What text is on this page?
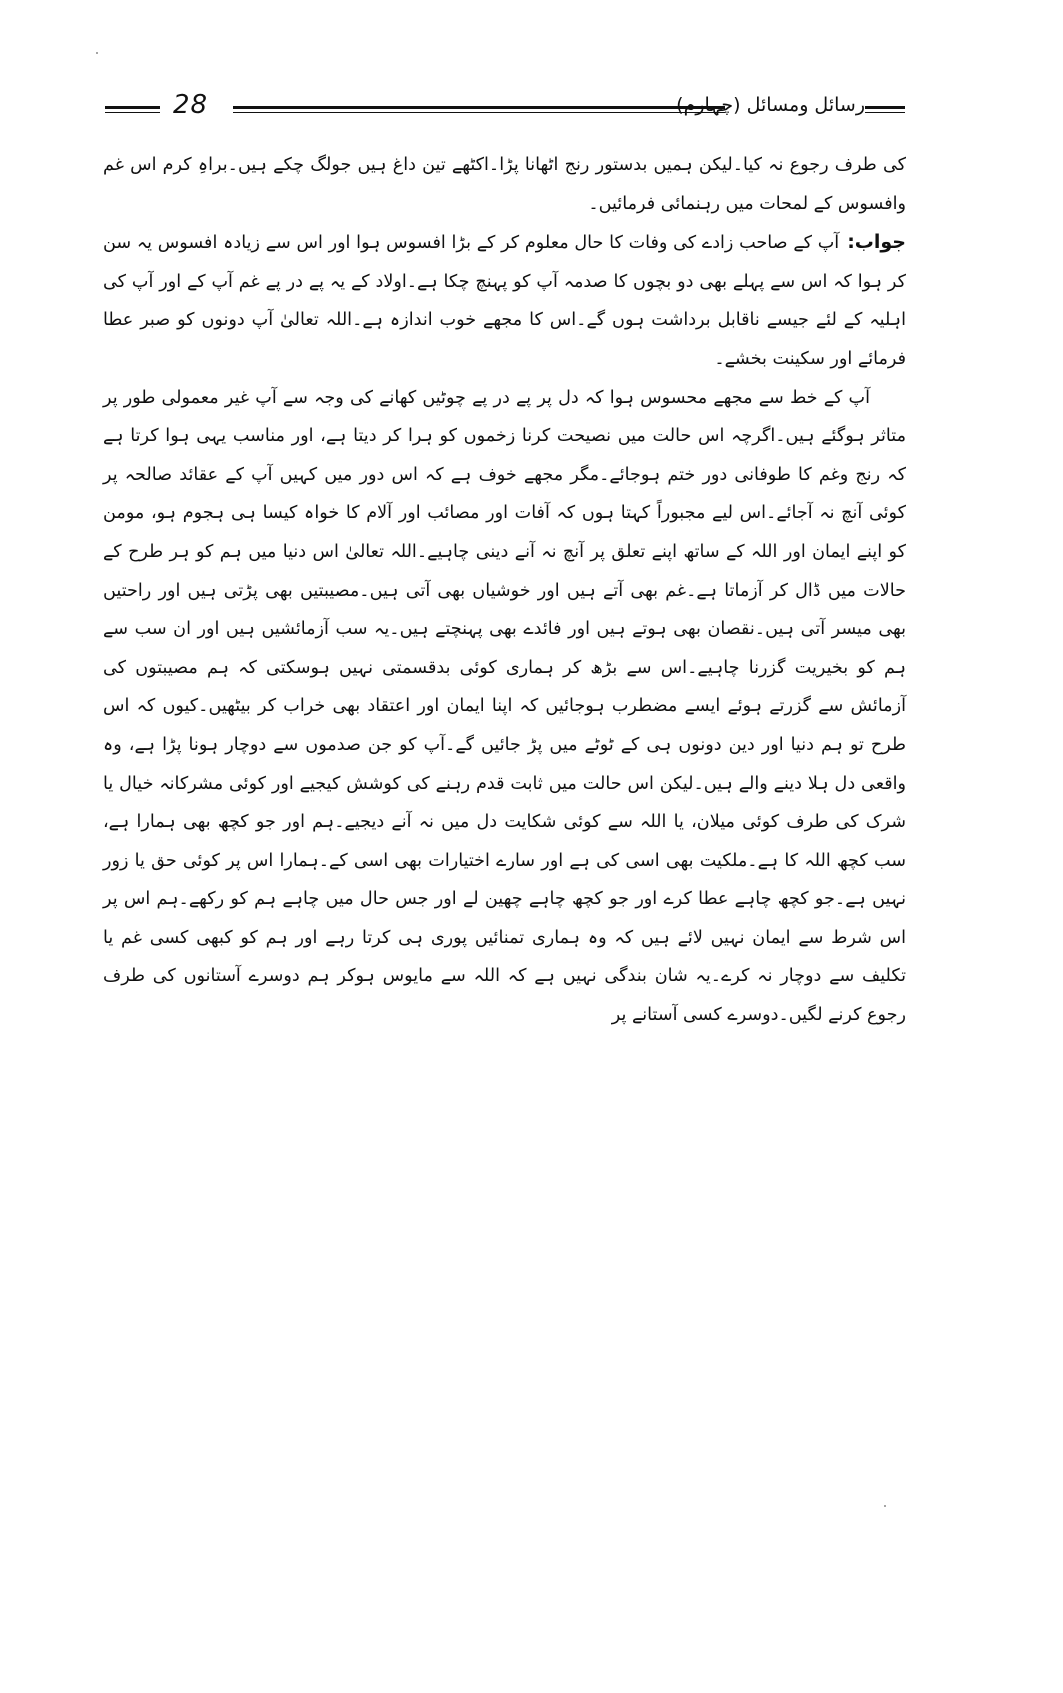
28	رسائل ومسائل (چہارم)

کی طرف رجوع نہ کیا۔لیکن ہمیں بدستور رنج اٹھانا پڑا۔اکٹھے تین داغ ہیں جولگ چکے ہیں۔براہِ کرم اس غم وافسوس کے لمحات میں رہنمائی فرمائیں۔

جواب:آپ کے صاحب زادے کی وفات کا حال معلوم کر کے بڑا افسوس ہوا اور اس سے زیادہ افسوس یہ سن کر ہوا کہ اس سے پہلے بھی دو بچوں کا صدمہ آپ کو پہنچ چکا ہے۔اولاد کے یہ پے در پے غم آپ کے اور آپ کی اہلیہ کے لئے جیسے ناقابل برداشت ہوں گے۔اس کا مجھے خوب اندازہ ہے۔اللہ تعالیٰ آپ دونوں کو صبر عطا فرمائے اور سکینت بخشے۔

آپ کے خط سے مجھے محسوس ہوا کہ دل پر پے در پے چوٹیں کھانے کی وجہ سے آپ غیر معمولی طور پر متاثر ہوگئے ہیں۔اگرچہ اس حالت میں نصیحت کرنا زخموں کو ہرا کر دیتا ہے، اور مناسب یہی ہوا کرتا ہے کہ رنج وغم کا طوفانی دور ختم ہوجائے۔مگر مجھے خوف ہے کہ اس دور میں کہیں آپ کے عقائد صالحہ پر کوئی آنچ نہ آجائے۔اس لیے مجبوراً کہتا ہوں کہ آفات اور مصائب اور آلام کا خواہ کیسا ہی ہجوم ہو، مومن کو اپنے ایمان اور اللہ کے ساتھ اپنے تعلق پر آنچ نہ آنے دینی چاہیے۔اللہ تعالیٰ اس دنیا میں ہم کو ہر طرح کے حالات میں ڈال کر آزماتا ہے۔غم بھی آتے ہیں اور خوشیاں بھی آتی ہیں۔مصیبتیں بھی پڑتی ہیں اور راحتیں بھی میسر آتی ہیں۔نقصان بھی ہوتے ہیں اور فائدے بھی پہنچتے ہیں۔یہ سب آزمائشیں ہیں اور ان سب سے ہم کو بخیریت گزرنا چاہیے۔اس سے بڑھ کر ہماری کوئی بدقسمتی نہیں ہوسکتی کہ ہم مصیبتوں کی آزمائش سے گزرتے ہوئے ایسے مضطرب ہوجائیں کہ اپنا ایمان اور اعتقاد بھی خراب کر بیٹھیں۔کیوں کہ اس طرح تو ہم دنیا اور دین دونوں ہی کے ٹوٹے میں پڑ جائیں گے۔آپ کو جن صدموں سے دوچار ہونا پڑا ہے، وہ واقعی دل ہلا دینے والے ہیں۔لیکن اس حالت میں ثابت قدم رہنے کی کوشش کیجیے اور کوئی مشرکانہ خیال یا شرک کی طرف کوئی میلان، یا اللہ سے کوئی شکایت دل میں نہ آنے دیجیے۔ہم اور جو کچھ بھی ہمارا ہے، سب کچھ اللہ کا ہے۔ملکیت بھی اسی کی ہے اور سارے اختیارات بھی اسی کے۔ہمارا اس پر کوئی حق یا زور نہیں ہے۔جو کچھ چاہے عطا کرے اور جو کچھ چاہے چھین لے اور جس حال میں چاہے ہم کو رکھے۔ہم اس پر اس شرط سے ایمان نہیں لائے ہیں کہ وہ ہماری تمنائیں پوری ہی کرتا رہے اور ہم کو کبھی کسی غم یا تکلیف سے دوچار نہ کرے۔یہ شان بندگی نہیں ہے کہ اللہ سے مایوس ہوکر ہم دوسرے آستانوں کی طرف رجوع کرنے لگیں۔دوسرے کسی آستانے پر
